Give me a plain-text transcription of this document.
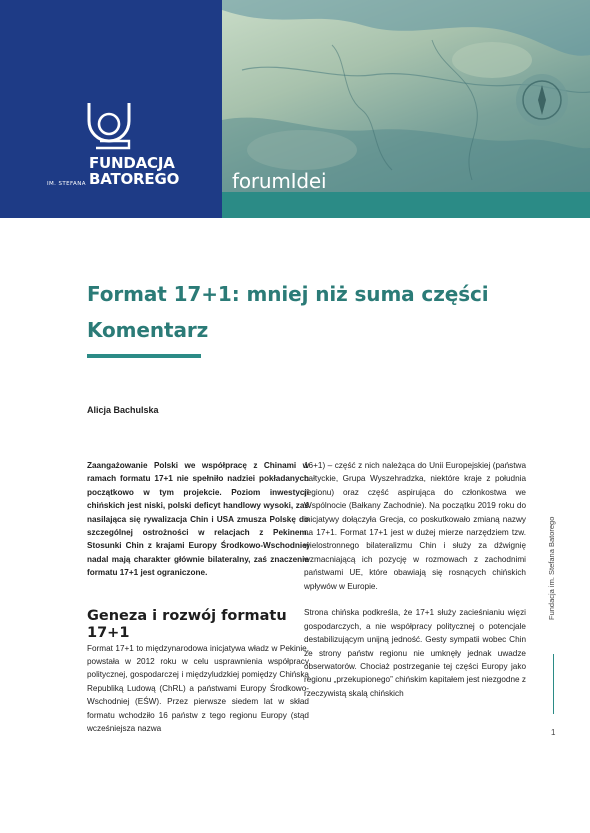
FUNDACJA
BATOREGO

IM. STEFANA	forumIdei

Format 17+1: mniej niż suma części
Komentarz

Alicja Bachulska

Zaangażowanie Polski we współpracę z Chinami w ramach formatu 17+1 nie spełniło nadziei pokładanych początkowo w tym projekcie. Poziom inwestycji chińskich jest niski, polski deficyt handlowy wysoki, zaś nasilająca się rywalizacja Chin i USA zmusza Polskę do szczególnej ostrożności w relacjach z Pekinem. Stosunki Chin z krajami Europy Środkowo-Wschodniej nadal mają charakter głównie bilateralny, zaś znaczenie formatu 17+1 jest ograniczone.

Geneza i rozwój formatu 17+1

Format 17+1 to międzynarodowa inicjatywa władz w Pekinie, powstała w 2012 roku w celu usprawnienia współpracy politycznej, gospodarczej i międzyludzkiej pomiędzy Chińską Republiką Ludową (ChRL) a państwami Europy Środkowo-Wschodniej (EŚW). Przez pierwsze siedem lat w skład formatu wchodziło 16 państw z tego regionu Europy (stąd wcześniejsza nazwa

16+1) – część z nich należąca do Unii Europejskiej (państwa bałtyckie, Grupa Wyszehradzka, niektóre kraje z południa regionu) oraz część aspirująca do członkostwa we Wspólnocie (Bałkany Zachodnie). Na początku 2019 roku do inicjatywy dołączyła Grecja, co poskutkowało zmianą nazwy na 17+1. Format 17+1 jest w dużej mierze narzędziem tzw. wielostronnego bilateralizmu Chin i służy za dźwignię wzmacniającą ich pozycję w rozmowach z zachodnimi państwami UE, które obawiają się rosnących chińskich wpływów w Europie.

Strona chińska podkreśla, że 17+1 służy zacieśnianiu więzi gospodarczych, a nie współpracy politycznej o potencjale destabilizującym unijną jedność. Gesty sympatii wobec Chin ze strony państw regionu nie umknęły jednak uwadze obserwatorów. Chociaż postrzeganie tej części Europy jako regionu „przekupionego” chińskim kapitałem jest niezgodne z rzeczywistą skalą chińskich

Fundacja im. Stefana Batorego
1
